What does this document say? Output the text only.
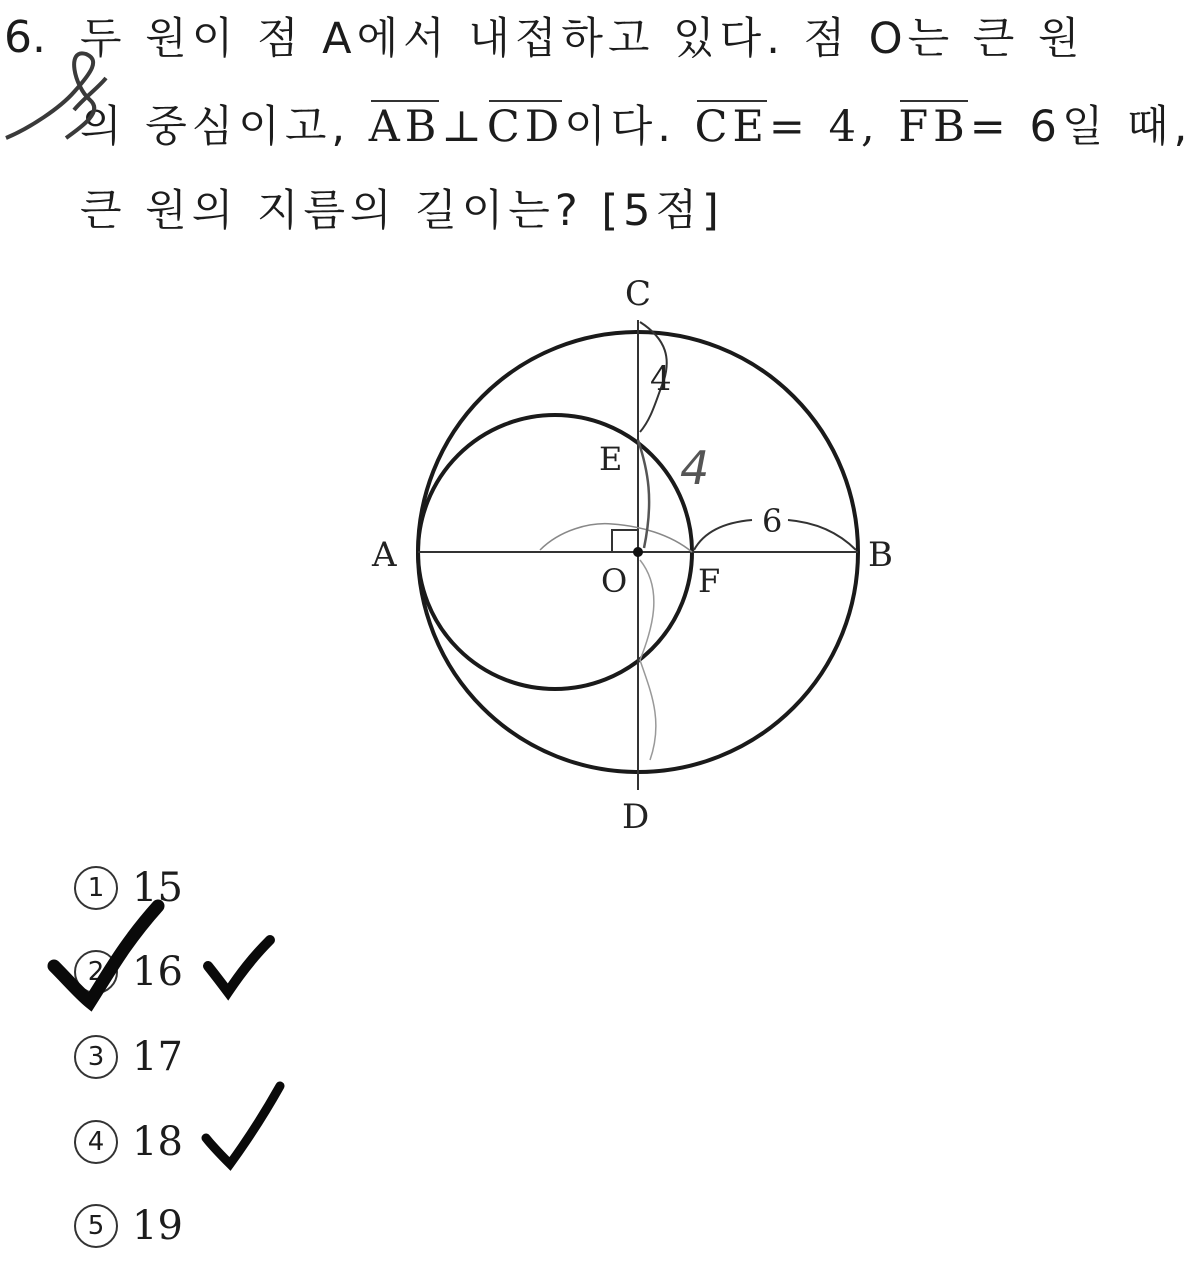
두 원이 점 A에서 내접하고 있다. 점 O는 큰 원
6.
의 중심이고, AB⊥CD이다. CE= 4, FB= 6일 때,
큰 원의 지름의 길이는? [5점]
C
E
A
O F
B
D
4
6
4
1 15
2 16
3 17
4 18
5 19
